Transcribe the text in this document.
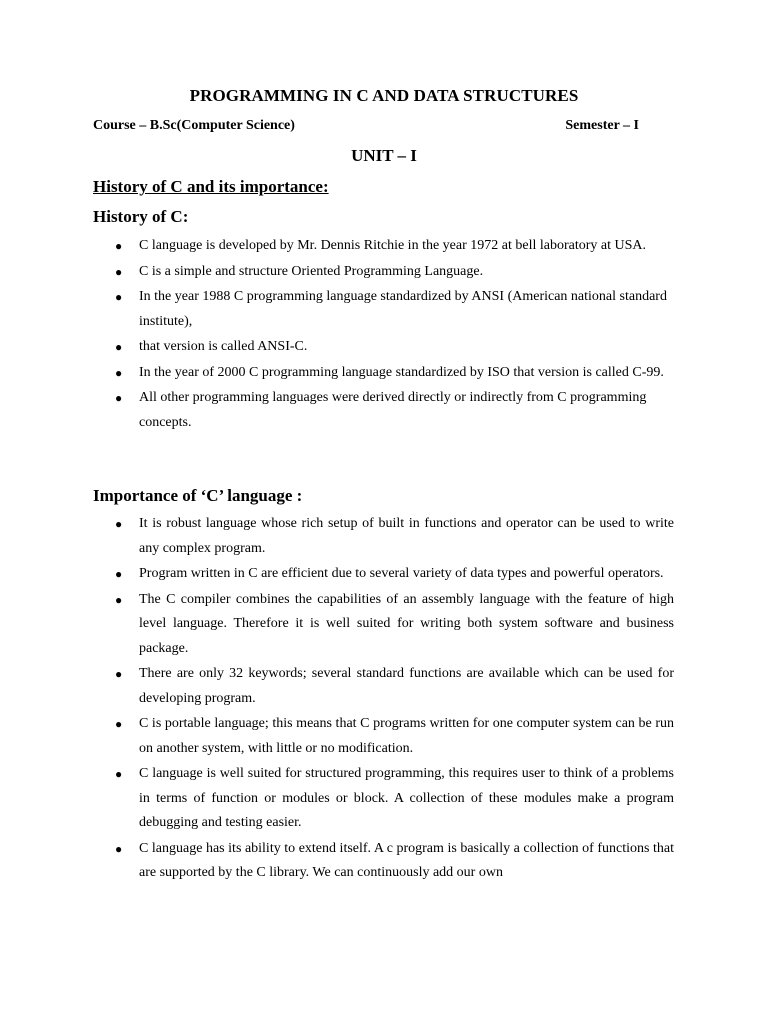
PROGRAMMING IN C AND DATA STRUCTURES
Course – B.Sc(Computer Science)	Semester – I
UNIT – I
History of C and its importance:
History of C:
● C language is developed by Mr. Dennis Ritchie in the year 1972 at bell laboratory at USA.
● C is a simple and structure Oriented Programming Language.
● In the year 1988 C programming language standardized by ANSI (American national standard institute),
● that version is called ANSI-C.
● In the year of 2000 C programming language standardized by ISO that version is called C-99.
● All other programming languages were derived directly or indirectly from C programming concepts.
Importance of ‘C’ language :
● It is robust language whose rich setup of built in functions and operator can be used to write any complex program.
● Program written in C are efficient due to several variety of data types and powerful operators.
● The C compiler combines the capabilities of an assembly language with the feature of high level language. Therefore it is well suited for writing both system software and business package.
● There are only 32 keywords; several standard functions are available which can be used for developing program.
● C is portable language; this means that C programs written for one computer system can be run on another system, with little or no modification.
● C language is well suited for structured programming, this requires user to think of a problems in terms of function or modules or block. A collection of these modules make a program debugging and testing easier.
● C language has its ability to extend itself. A c program is basically a collection of functions that are supported by the C library. We can continuously add our own
